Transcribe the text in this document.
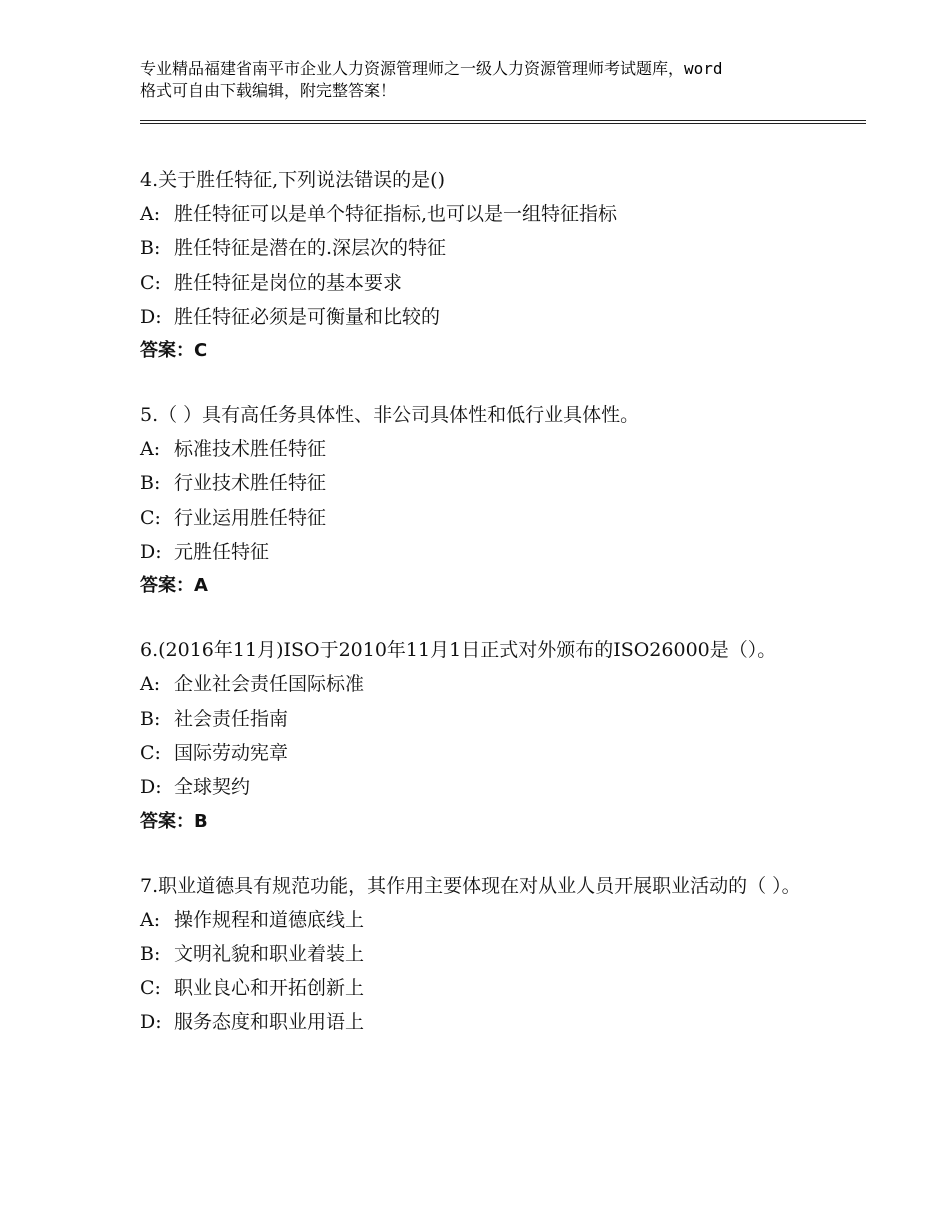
专业精品福建省南平市企业人力资源管理师之一级人力资源管理师考试题库，word
格式可自由下载编辑，附完整答案！

4.关于胜任特征,下列说法错误的是()

A: 胜任特征可以是单个特征指标,也可以是一组特征指标

B: 胜任特征是潜在的.深层次的特征

C: 胜任特征是岗位的基本要求

D: 胜任特征必须是可衡量和比较的

答案：C

5.（ ）具有高任务具体性、非公司具体性和低行业具体性。

A: 标准技术胜任特征

B: 行业技术胜任特征

C: 行业运用胜任特征

D: 元胜任特征

答案：A

6.(2016年11月)ISO于2010年11月1日正式对外颁布的ISO26000是（）。

A: 企业社会责任国际标准

B: 社会责任指南

C: 国际劳动宪章

D: 全球契约

答案：B

7.职业道德具有规范功能，其作用主要体现在对从业人员开展职业活动的（ ）。

A: 操作规程和道德底线上

B: 文明礼貌和职业着装上

C: 职业良心和开拓创新上

D: 服务态度和职业用语上
